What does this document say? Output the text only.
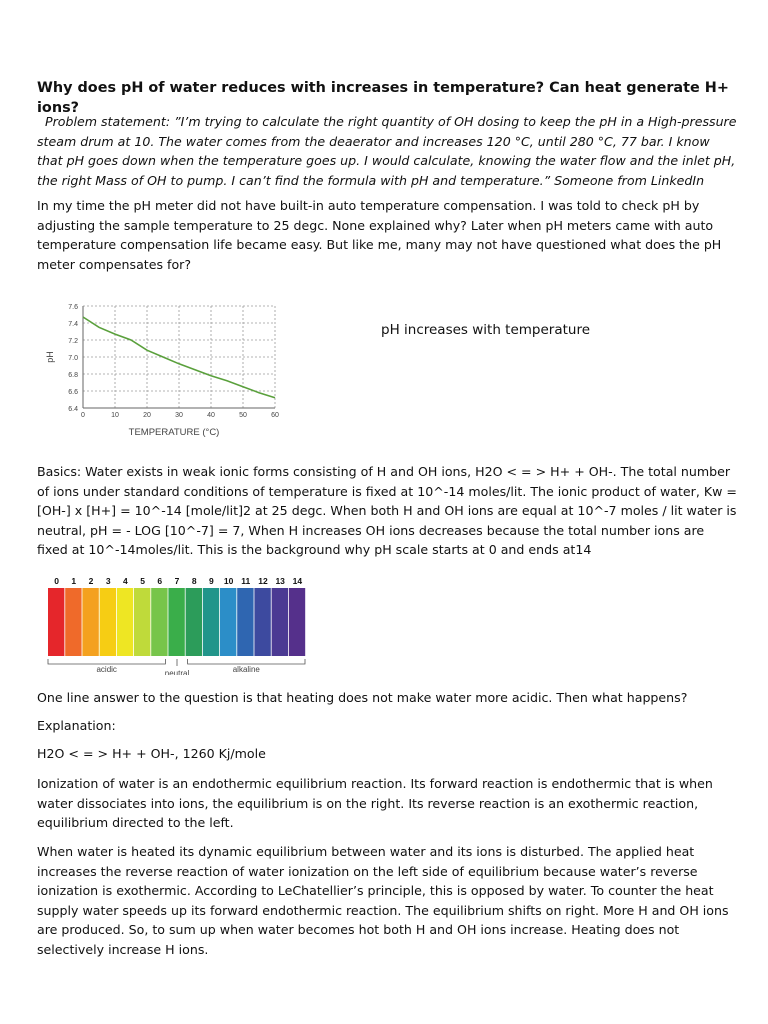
Why does pH of water reduces with increases in temperature? Can heat generate H+ ions?

Problem statement: ”I’m trying to calculate the right quantity of OH dosing to keep the pH in a High-pressure steam drum at 10. The water comes from the deaerator and increases 120 °C, until 280 °C, 77 bar. I know that pH goes down when the temperature goes up. I would calculate, knowing the water flow and the inlet pH, the right Mass of OH to pump. I can’t find the formula with pH and temperature.” Someone from LinkedIn

In my time the pH meter did not have built-in auto temperature compensation. I was told to check pH by adjusting the sample temperature to 25 degc. None explained why? Later when pH meters came with auto temperature compensation life became easy. But like me, many may not have questioned what does the pH meter compensates for?

Basics: Water exists in weak ionic forms consisting of H and OH ions, H2O < = > H+ + OH-. The total number of ions under standard conditions of temperature is fixed at 10^-14 moles/lit. The ionic product of water, Kw = [OH-] x [H+] = 10^-14 [mole/lit]2 at 25 degc. When both H and OH ions are equal at 10^-7 moles / lit water is neutral, pH = - LOG [10^-7] = 7, When H increases OH ions decreases because the total number ions are fixed at 10^-14moles/lit. This is the background why pH scale starts at 0 and ends at14

One line answer to the question is that heating does not make water more acidic. Then what happens?

Explanation:

H2O < = > H+ + OH-, 1260 Kj/mole

Ionization of water is an endothermic equilibrium reaction. Its forward reaction is endothermic that is when water dissociates into ions, the equilibrium is on the right. Its reverse reaction is an exothermic reaction, equilibrium directed to the left.

When water is heated its dynamic equilibrium between water and its ions is disturbed. The applied heat increases the reverse reaction of water ionization on the left side of equilibrium because water’s reverse ionization is exothermic. According to LeChatellier’s principle, this is opposed by water. To counter the heat supply water speeds up its forward endothermic reaction. The equilibrium shifts on right. More H and OH ions are produced. So, to sum up when water becomes hot both H and OH ions increase. Heating does not selectively increase H ions.

pH increases with temperature

6.4
6.6
6.8
7.0
7.2
7.4
7.6
0	10	20	30	40	50	60
pH
TEMPERATURE (°C)
0 1 2 3 4 5 6 7 8 9 10 11 12 13 14
acidic	neutral	alkaline
